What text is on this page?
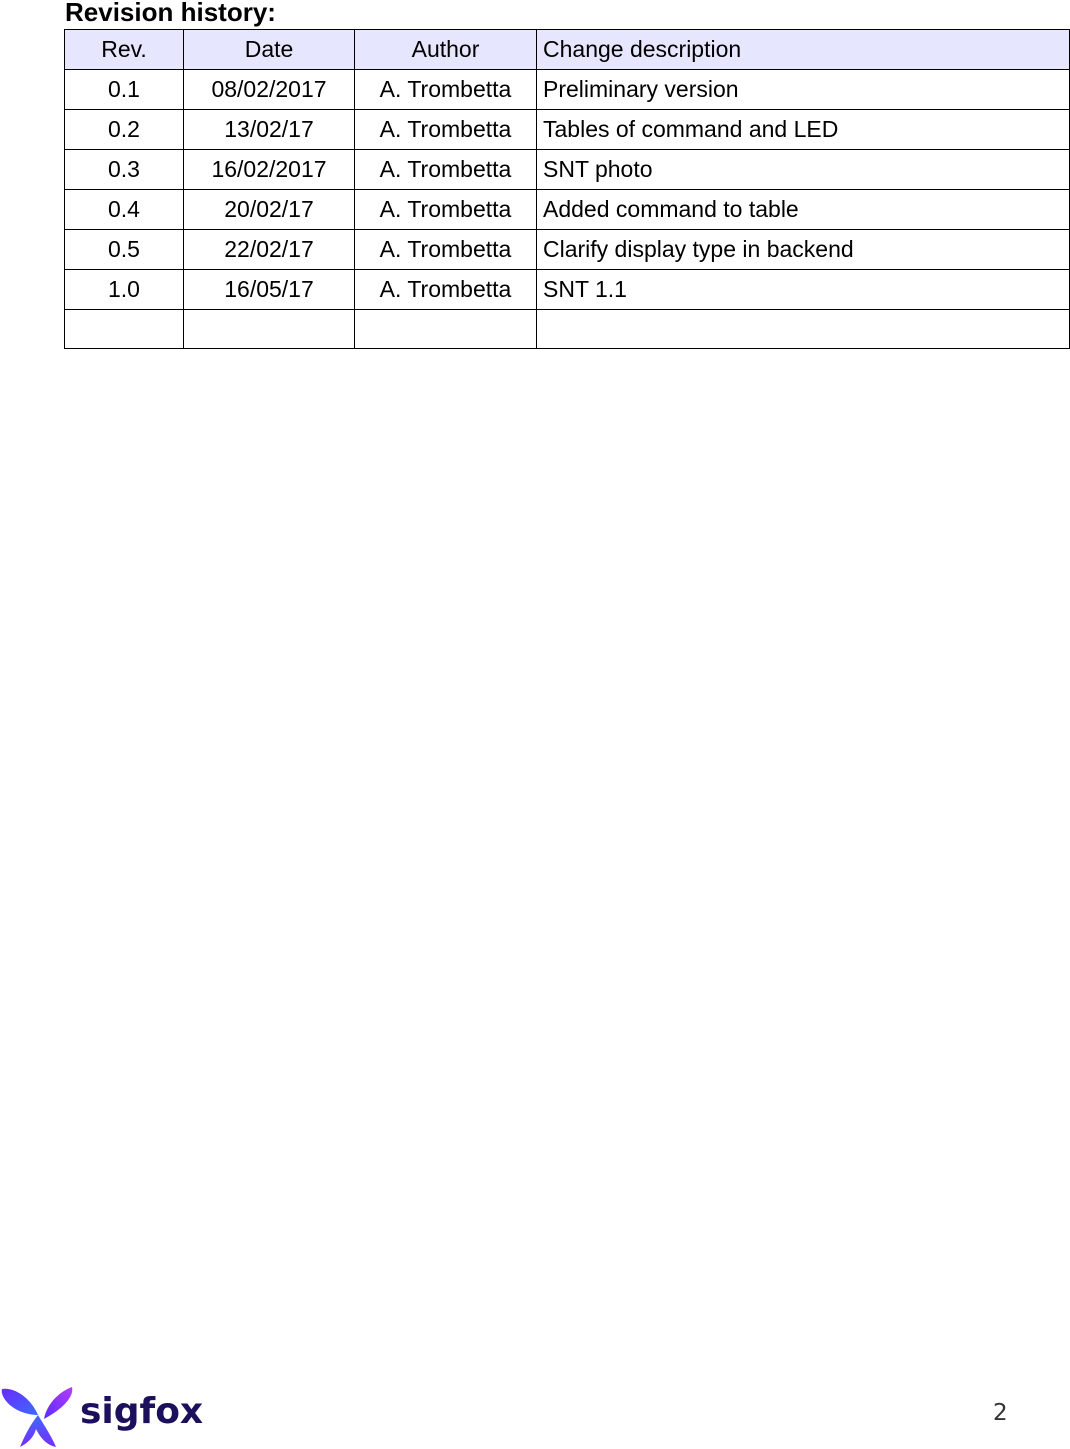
Revision history:
Rev.	Date	Author	Change description
0.1	08/02/2017	A. Trombetta	Preliminary version
0.2	13/02/17	A. Trombetta	Tables of command and LED
0.3	16/02/2017	A. Trombetta	SNT photo
0.4	20/02/17	A. Trombetta	Added command to table
0.5	22/02/17	A. Trombetta	Clarify display type in backend
1.0	16/05/17	A. Trombetta	SNT 1.1

sigfox	2
